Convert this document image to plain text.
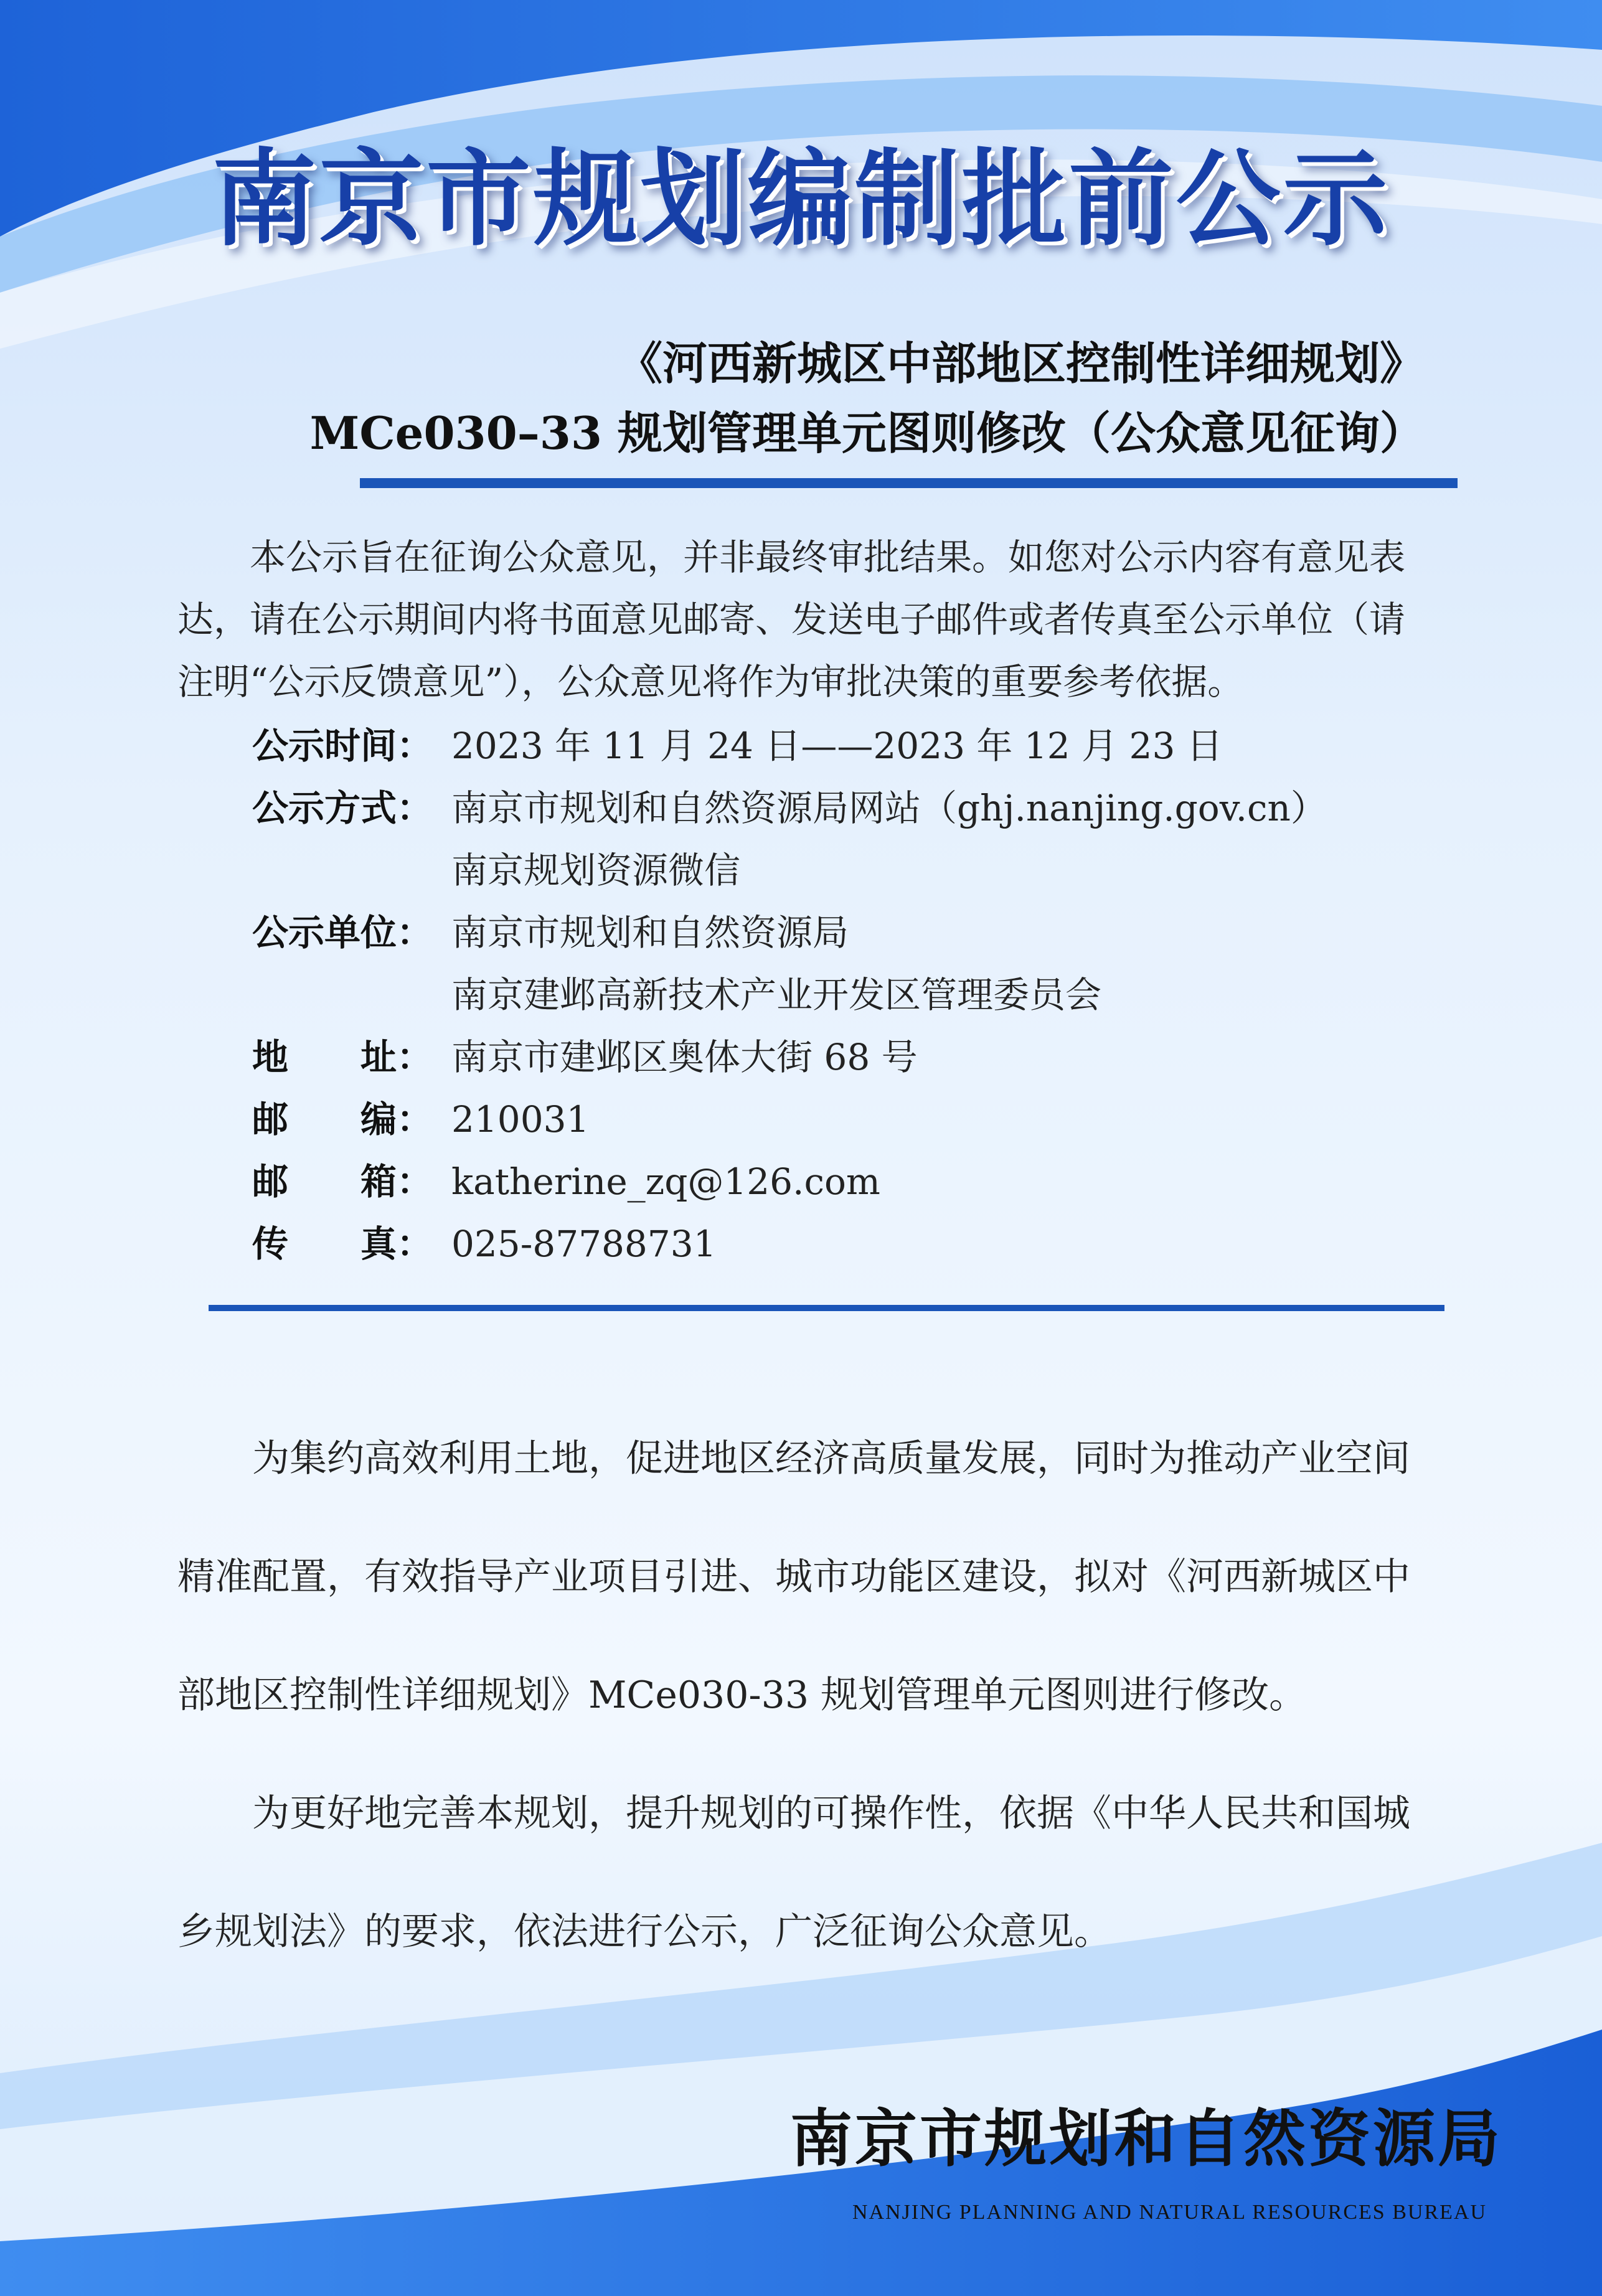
南京市规划编制批前公示
《河西新城区中部地区控制性详细规划》
MCe030–33 规划管理单元图则修改（公众意见征询）
本公示旨在征询公众意见，并非最终审批结果。如您对公示内容有意见表达，请在公示期间内将书面意见邮寄、发送电子邮件或者传真至公示单位（请注明“公示反馈意见”），公众意见将作为审批决策的重要参考依据。
公示时间： 2023 年 11 月 24 日——2023 年 12 月 23 日
公示方式： 南京市规划和自然资源局网站（ghj.nanjing.gov.cn）
南京规划资源微信
公示单位： 南京市规划和自然资源局
南京建邺高新技术产业开发区管理委员会
地 址： 南京市建邺区奥体大街 68 号
邮 编： 210031
邮 箱： katherine_zq@126.com
传 真： 025-87788731

为集约高效利用土地，促进地区经济高质量发展，同时为推动产业空间精准配置，有效指导产业项目引进、城市功能区建设，拟对《河西新城区中部地区控制性详细规划》MCe030-33 规划管理单元图则进行修改。

为更好地完善本规划，提升规划的可操作性，依据《中华人民共和国城乡规划法》的要求，依法进行公示，广泛征询公众意见。

南京市规划和自然资源局
NANJING PLANNING AND NATURAL RESOURCES BUREAU
